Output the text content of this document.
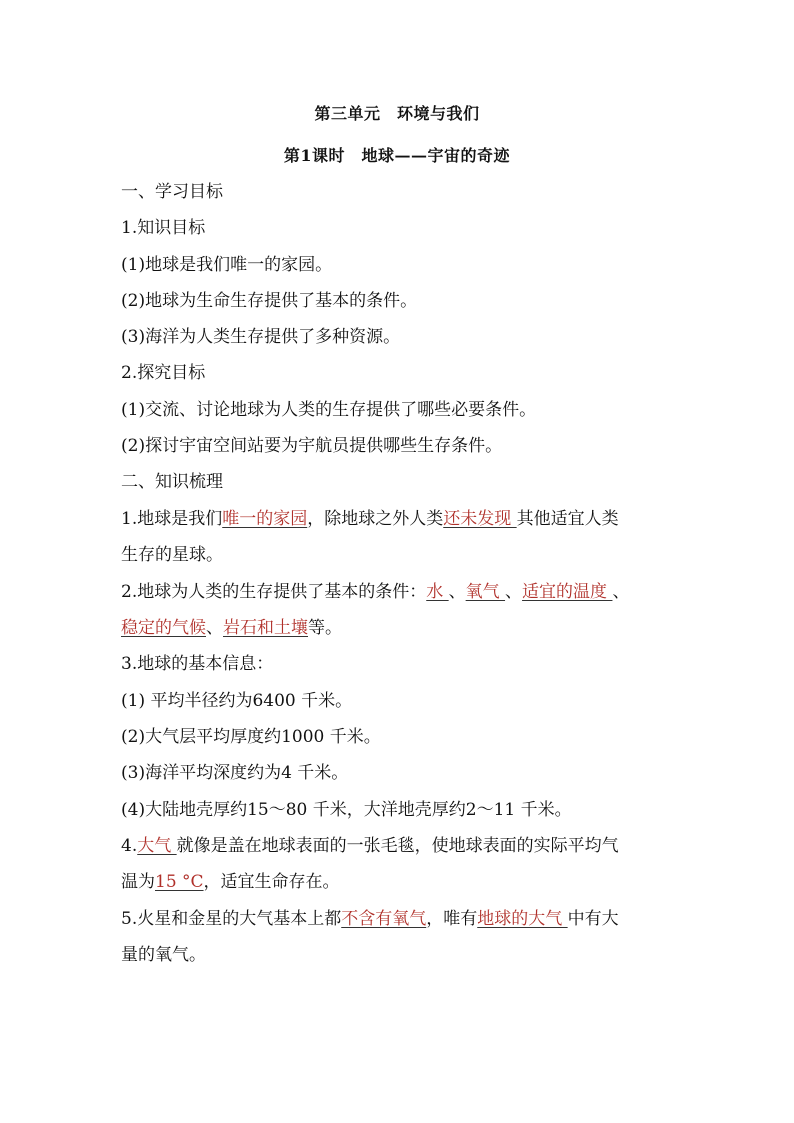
第三单元　环境与我们
第1课时　地球——宇宙的奇迹
一、学习目标
1.知识目标
(1)地球是我们唯一的家园。
(2)地球为生命生存提供了基本的条件。
(3)海洋为人类生存提供了多种资源。
2.探究目标
(1)交流、讨论地球为人类的生存提供了哪些必要条件。
(2)探讨宇宙空间站要为宇航员提供哪些生存条件。
二、知识梳理
1.地球是我们唯一的家园，除地球之外人类还未发现 其他适宜人类
生存的星球。
2.地球为人类的生存提供了基本的条件：水 、氧气 、适宜的温度 、
稳定的气候、岩石和土壤等。
3.地球的基本信息：
(1) 平均半径约为6400 千米。
(2)大气层平均厚度约1000 千米。
(3)海洋平均深度约为4 千米。
(4)大陆地壳厚约15～80 千米，大洋地壳厚约2～11 千米。
4.大气 就像是盖在地球表面的一张毛毯，使地球表面的实际平均气
温为15 °C，适宜生命存在。
5.火星和金星的大气基本上都不含有氧气，唯有地球的大气 中有大
量的氧气。
